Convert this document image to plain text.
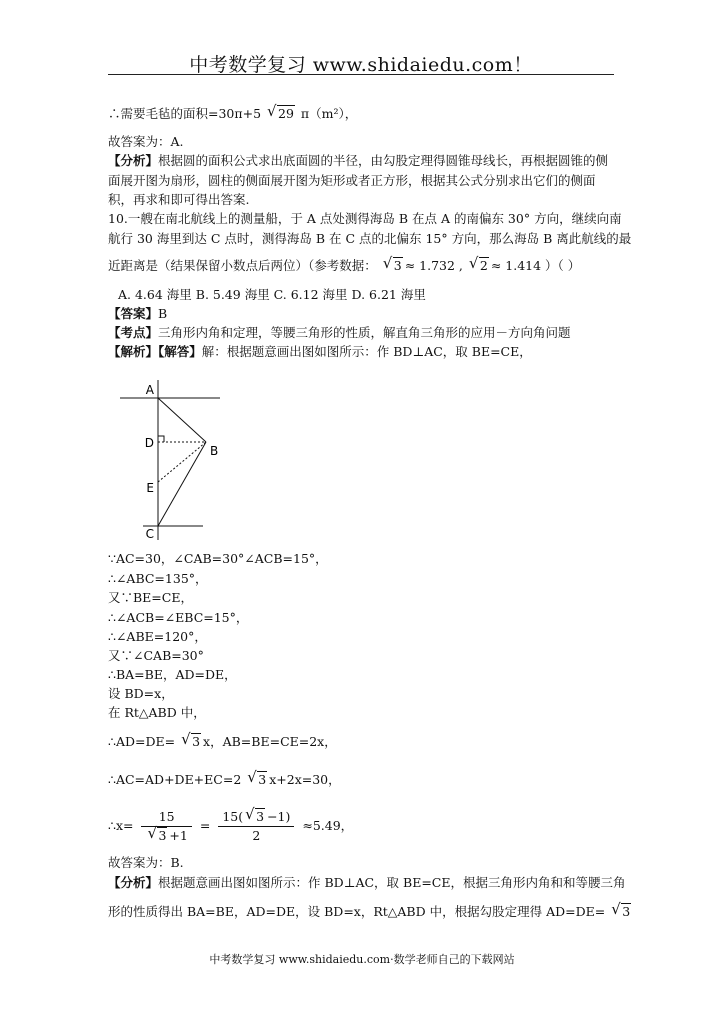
中考数学复习 www.shidaiedu.com！
∴需要毛毡的面积=30π+5 √ 29 π（m²），
故答案为：A.
【分析】根据圆的面积公式求出底面圆的半径，由勾股定理得圆锥母线长，再根据圆锥的侧
面展开图为扇形，圆柱的侧面展开图为矩形或者正方形，根据其公式分别求出它们的侧面
积，再求和即可得出答案.
10.一艘在南北航线上的测量船，于 A 点处测得海岛 B 在点 A 的南偏东 30° 方向，继续向南
航行 30 海里到达 C 点时，测得海岛 B 在 C 点的北偏东 15° 方向，那么海岛 B 离此航线的最
近距离是（结果保留小数点后两位）（参考数据： √ 3 ≈ 1.732 , √ 2 ≈ 1.414 ）（ ）
A. 4.64 海里 B. 5.49 海里 C. 6.12 海里 D. 6.21 海里
【答案】B
【考点】三角形内角和定理，等腰三角形的性质，解直角三角形的应用－方向角问题
【解析】【解答】解：根据题意画出图如图所示：作 BD⊥AC，取 BE=CE，
A
B
C
D
E
∵AC=30，∠CAB=30°∠ACB=15°，
∴∠ABC=135°，
又∵BE=CE，
∴∠ACB=∠EBC=15°，
∴∠ABE=120°，
又∵∠CAB=30°
∴BA=BE，AD=DE，
设 BD=x，
在 Rt△ABD 中，
∴AD=DE= √ 3 x，AB=BE=CE=2x，
∴AC=AD+DE+EC=2 √ 3 x+2x=30，
∴x= 15
√ $3 +1 = \frac{15( √ 3 -1)}{2} \approx 5.49$，
故答案为：B.
【分析】根据题意画出图如图所示：作 BD⊥AC，取 BE=CE，根据三角形内角和和等腰三角
形的性质得出 BA=BE，AD=DE，设 BD=x，Rt△ABD 中，根据勾股定理得 AD=DE= √ 3
中考数学复习 www.shidaiedu.com·数学老师自己的下载网站
